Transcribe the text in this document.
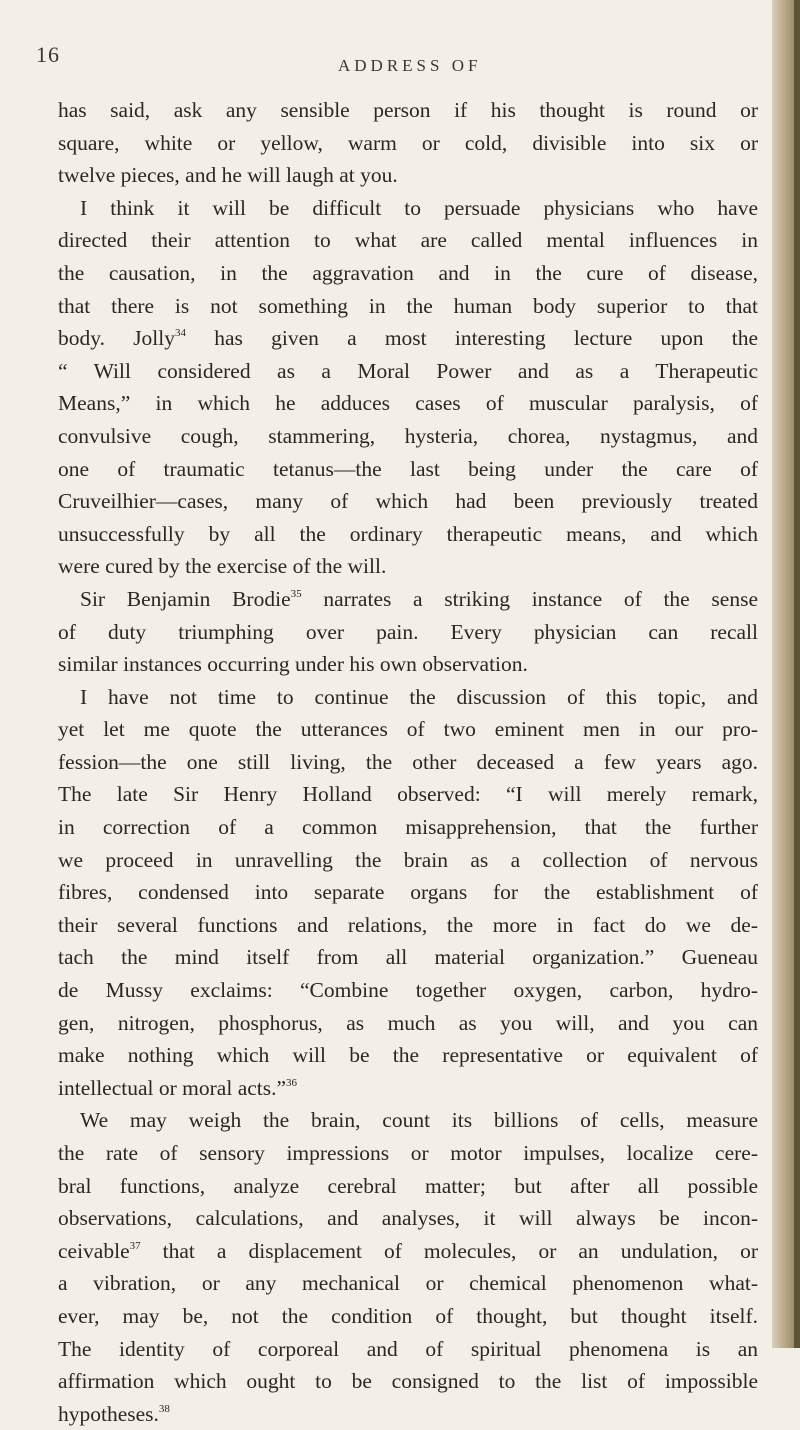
16	ADDRESS OF
has said, ask any sensible person if his thought is round or
square, white or yellow, warm or cold, divisible into six or
twelve pieces, and he will laugh at you.
I think it will be difficult to persuade physicians who have
directed their attention to what are called mental influences in
the causation, in the aggravation and in the cure of disease,
that there is not something in the human body superior to that
body. Jolly$^{34}$ has given a most interesting lecture upon the
“ Will considered as a Moral Power and as a Therapeutic
Means,” in which he adduces cases of muscular paralysis, of
convulsive cough, stammering, hysteria, chorea, nystagmus, and
one of traumatic tetanus—the last being under the care of
Cruveilhier—cases, many of which had been previously treated
unsuccessfully by all the ordinary therapeutic means, and which
were cured by the exercise of the will.
Sir Benjamin Brodie$^{35}$ narrates a striking instance of the sense
of duty triumphing over pain. Every physician can recall
similar instances occurring under his own observation.
I have not time to continue the discussion of this topic, and
yet let me quote the utterances of two eminent men in our pro-
fession—the one still living, the other deceased a few years ago.
The late Sir Henry Holland observed: “I will merely remark,
in correction of a common misapprehension, that the further
we proceed in unravelling the brain as a collection of nervous
fibres, condensed into separate organs for the establishment of
their several functions and relations, the more in fact do we de-
tach the mind itself from all material organization.” Gueneau
de Mussy exclaims: “Combine together oxygen, carbon, hydro-
gen, nitrogen, phosphorus, as much as you will, and you can
make nothing which will be the representative or equivalent of
intellectual or moral acts.”$^{36}$
We may weigh the brain, count its billions of cells, measure
the rate of sensory impressions or motor impulses, localize cere-
bral functions, analyze cerebral matter; but after all possible
observations, calculations, and analyses, it will always be incon-
ceivable$^{37}$ that a displacement of molecules, or an undulation, or
a vibration, or any mechanical or chemical phenomenon what-
ever, may be, not the condition of thought, but thought itself.
The identity of corporeal and of spiritual phenomena is an
affirmation which ought to be consigned to the list of impossible
hypotheses.$^{38}$
